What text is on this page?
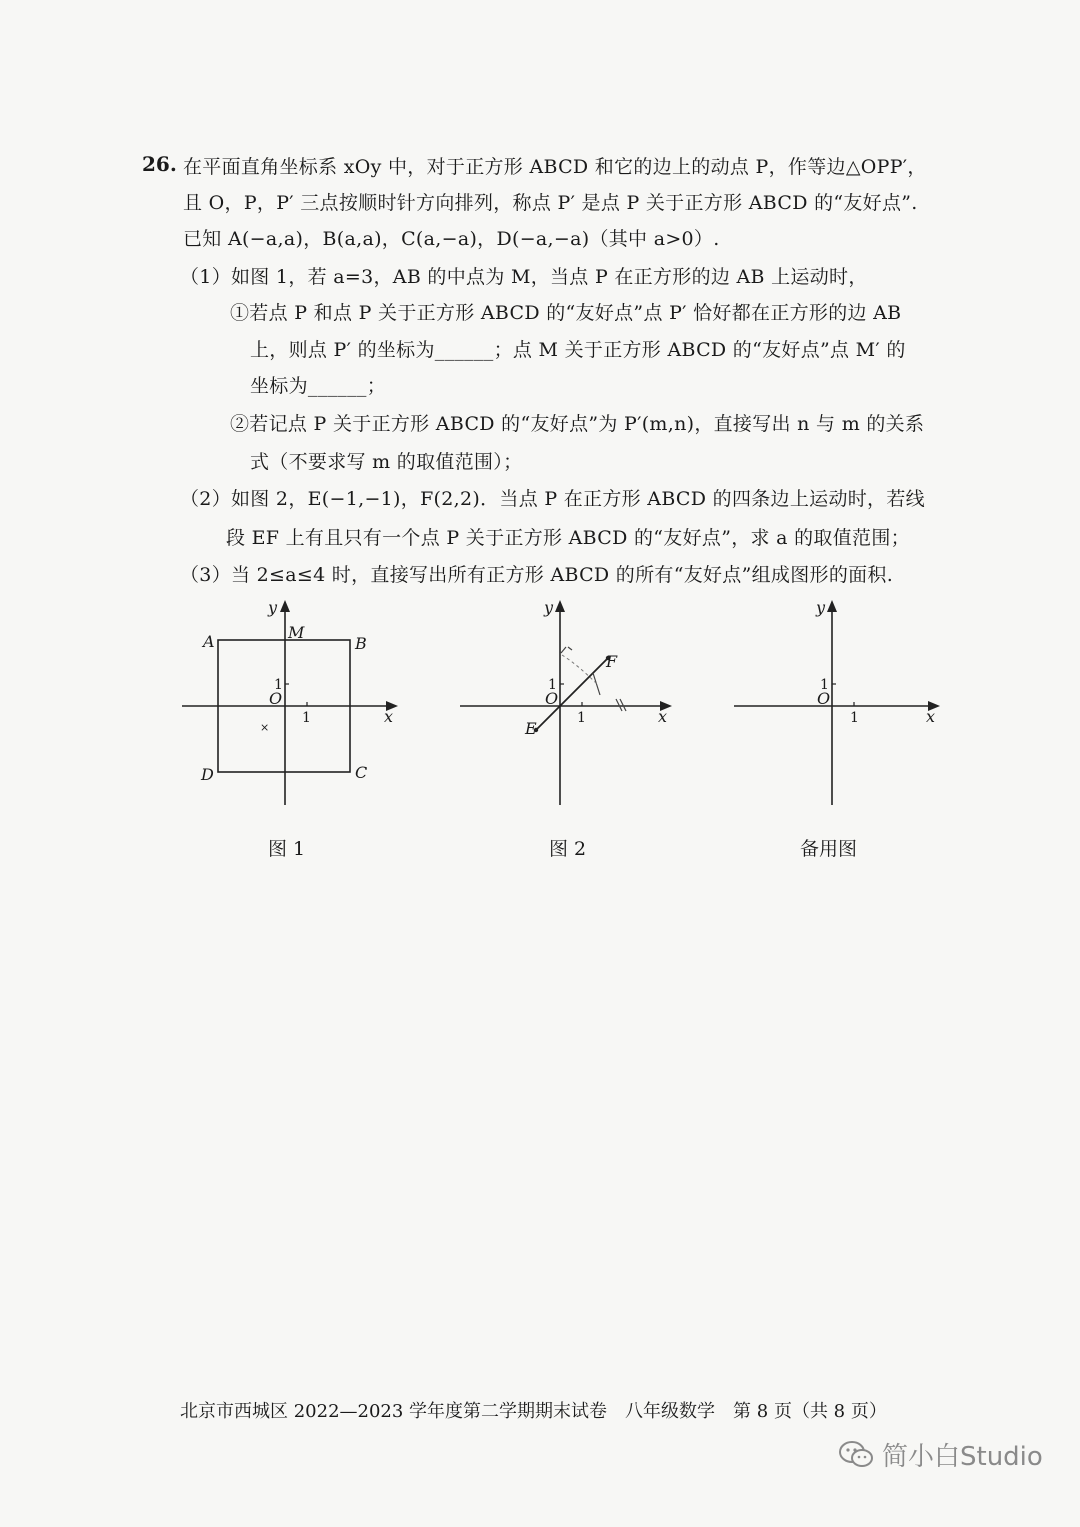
26. 在平面直角坐标系 xOy 中，对于正方形 ABCD 和它的边上的动点 P，作等边△OPP′，
且 O，P，P′ 三点按顺时针方向排列，称点 P′ 是点 P 关于正方形 ABCD 的“友好点”.
已知 A(−a,a)，B(a,a)，C(a,−a)，D(−a,−a)（其中 a>0）.
（1）如图 1，若 a=3，AB 的中点为 M，当点 P 在正方形的边 AB 上运动时，
①若点 P 和点 P 关于正方形 ABCD 的“友好点”点 P′ 恰好都在正方形的边 AB
上，则点 P′ 的坐标为______；点 M 关于正方形 ABCD 的“友好点”点 M′ 的
坐标为______；
②若记点 P 关于正方形 ABCD 的“友好点”为 P′(m,n)，直接写出 n 与 m 的关系
式（不要求写 m 的取值范围）；
（2）如图 2，E(−1,−1)，F(2,2)．当点 P 在正方形 ABCD 的四条边上运动时，若线
段 EF 上有且只有一个点 P 关于正方形 ABCD 的“友好点”，求 a 的取值范围；
（3）当 2≤a≤4 时，直接写出所有正方形 ABCD 的所有“友好点”组成图形的面积.
y
x
A	B
C
D
M
O
1
1
×
图 1
y
x
F
E
O
1
1
图 2
y
x
O
1
1
备用图
北京市西城区 2022—2023 学年度第二学期期末试卷　八年级数学　第 8 页（共 8 页）
简小白Studio
